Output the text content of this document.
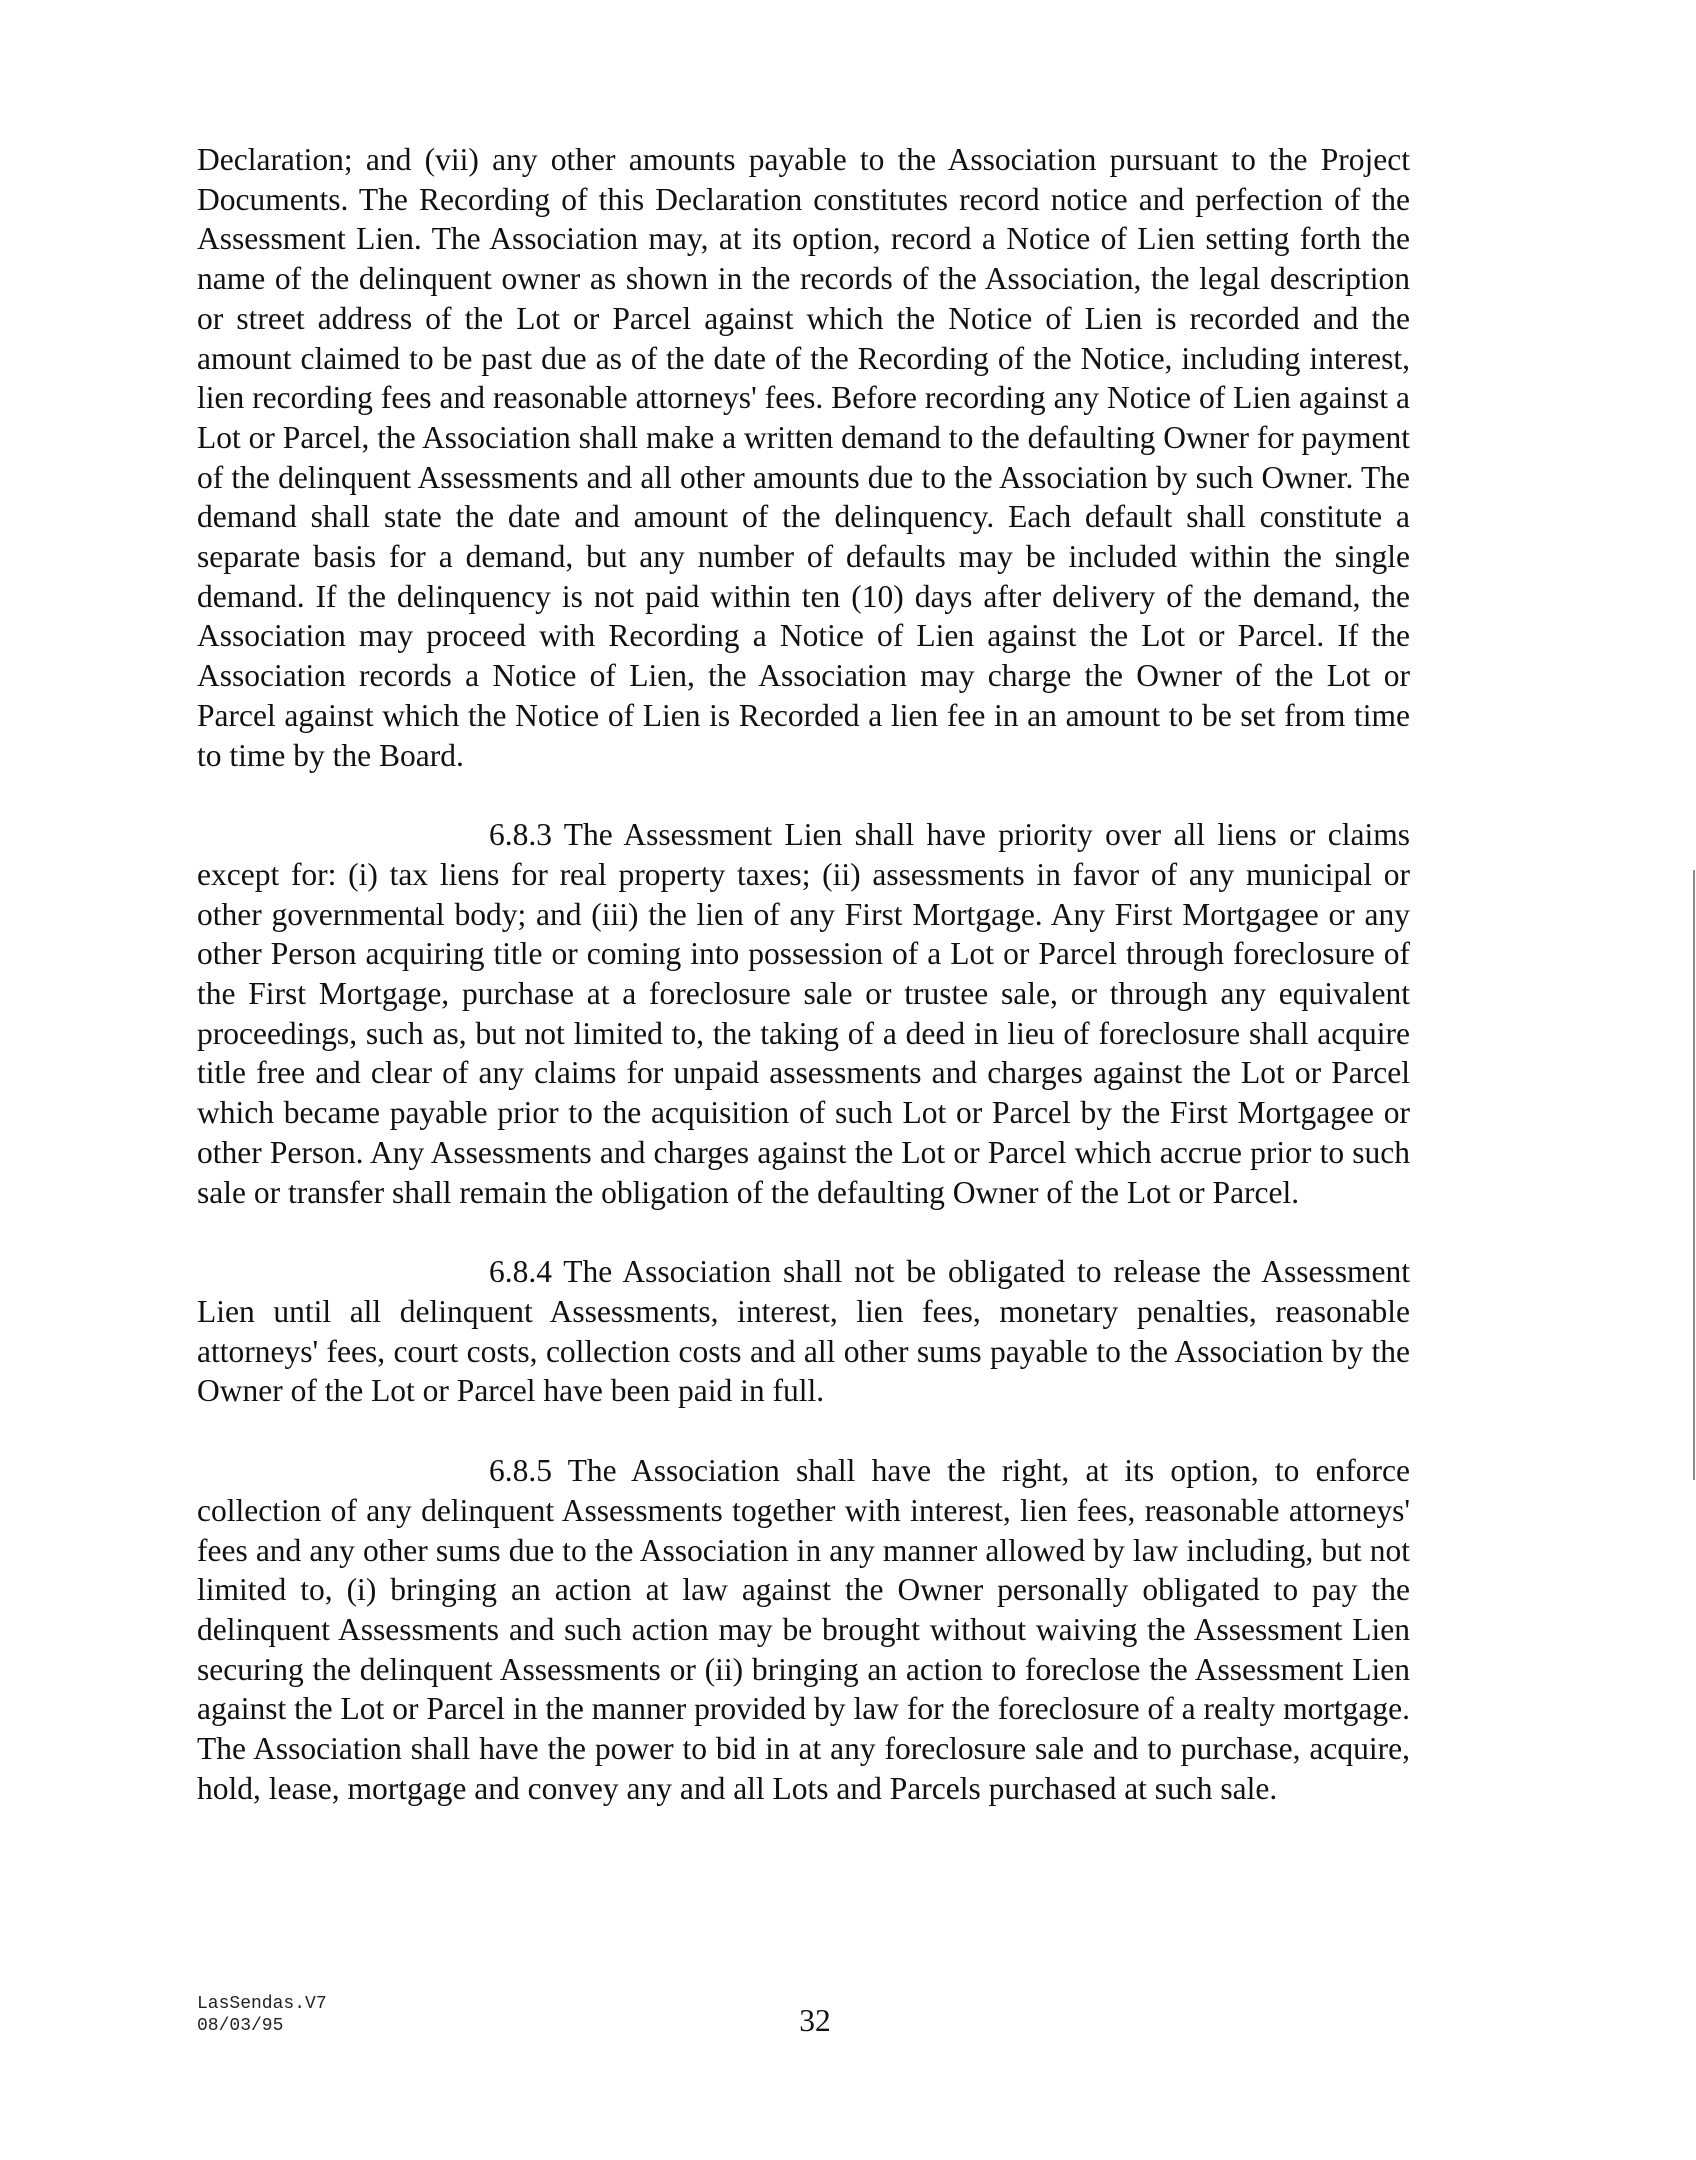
Declaration; and (vii) any other amounts payable to the Association pursuant to the Project Documents. The Recording of this Declaration constitutes record notice and perfection of the Assessment Lien. The Association may, at its option, record a Notice of Lien setting forth the name of the delinquent owner as shown in the records of the Association, the legal description or street address of the Lot or Parcel against which the Notice of Lien is recorded and the amount claimed to be past due as of the date of the Recording of the Notice, including interest, lien recording fees and reasonable attorneys' fees. Before recording any Notice of Lien against a Lot or Parcel, the Association shall make a written demand to the defaulting Owner for payment of the delinquent Assessments and all other amounts due to the Association by such Owner. The demand shall state the date and amount of the delinquency. Each default shall constitute a separate basis for a demand, but any number of defaults may be included within the single demand. If the delinquency is not paid within ten (10) days after delivery of the demand, the Association may proceed with Recording a Notice of Lien against the Lot or Parcel. If the Association records a Notice of Lien, the Association may charge the Owner of the Lot or Parcel against which the Notice of Lien is Recorded a lien fee in an amount to be set from time to time by the Board.

6.8.3 The Assessment Lien shall have priority over all liens or claims except for: (i) tax liens for real property taxes; (ii) assessments in favor of any municipal or other governmental body; and (iii) the lien of any First Mortgage. Any First Mortgagee or any other Person acquiring title or coming into possession of a Lot or Parcel through foreclosure of the First Mortgage, purchase at a foreclosure sale or trustee sale, or through any equivalent proceedings, such as, but not limited to, the taking of a deed in lieu of foreclosure shall acquire title free and clear of any claims for unpaid assessments and charges against the Lot or Parcel which became payable prior to the acquisition of such Lot or Parcel by the First Mortgagee or other Person. Any Assessments and charges against the Lot or Parcel which accrue prior to such sale or transfer shall remain the obligation of the defaulting Owner of the Lot or Parcel.

6.8.4 The Association shall not be obligated to release the Assessment Lien until all delinquent Assessments, interest, lien fees, monetary penalties, reasonable attorneys' fees, court costs, collection costs and all other sums payable to the Association by the Owner of the Lot or Parcel have been paid in full.

6.8.5 The Association shall have the right, at its option, to enforce collection of any delinquent Assessments together with interest, lien fees, reasonable attorneys' fees and any other sums due to the Association in any manner allowed by law including, but not limited to, (i) bringing an action at law against the Owner personally obligated to pay the delinquent Assessments and such action may be brought without waiving the Assessment Lien securing the delinquent Assessments or (ii) bringing an action to foreclose the Assessment Lien against the Lot or Parcel in the manner provided by law for the foreclosure of a realty mortgage. The Association shall have the power to bid in at any foreclosure sale and to purchase, acquire, hold, lease, mortgage and convey any and all Lots and Parcels purchased at such sale.

LasSendas.V7
08/03/95	32
